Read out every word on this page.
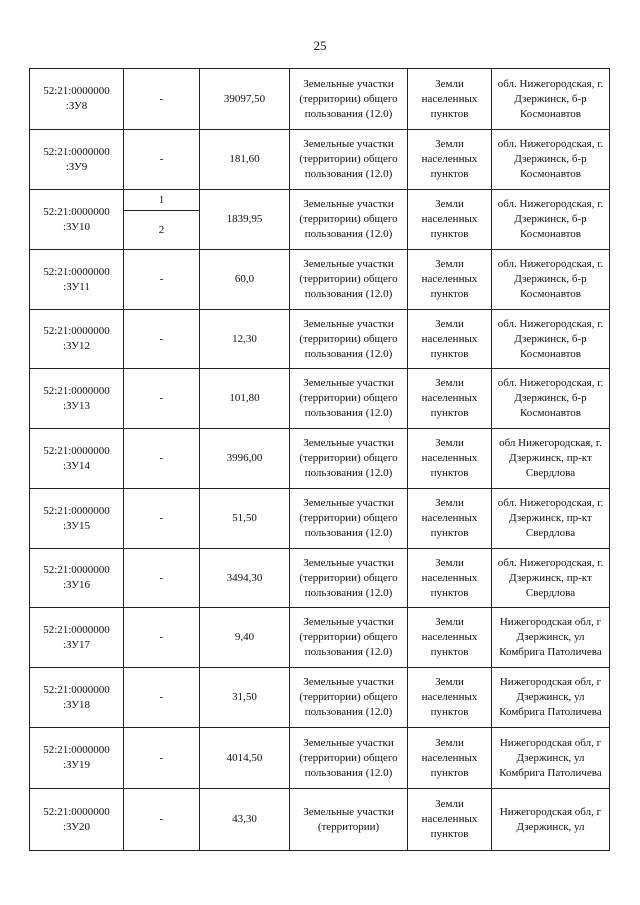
25
52:21:0000000
:ЗУ8	-	39097,50	Земельные участки (территории) общего пользования (12.0)	Земли населенных пунктов	обл. Нижегородская, г. Дзержинск, б-р Космонавтов
52:21:0000000
:ЗУ9	-	181,60	Земельные участки (территории) общего пользования (12.0)	Земли населенных пунктов	обл. Нижегородская, г. Дзержинск, б-р Космонавтов
52:21:0000000
:ЗУ10	1	1839,95	Земельные участки (территории) общего пользования (12.0)	Земли населенных пунктов	обл. Нижегородская, г. Дзержинск, б-р Космонавтов
	2				
52:21:0000000
:ЗУ11	-	60,0	Земельные участки (территории) общего пользования (12.0)	Земли населенных пунктов	обл. Нижегородская, г. Дзержинск, б-р Космонавтов
52:21:0000000
:ЗУ12	-	12,30	Земельные участки (территории) общего пользования (12.0)	Земли населенных пунктов	обл. Нижегородская, г. Дзержинск, б-р Космонавтов
52:21:0000000
:ЗУ13	-	101,80	Земельные участки (территории) общего пользования (12.0)	Земли населенных пунктов	обл. Нижегородская, г. Дзержинск, б-р Космонавтов
52:21:0000000
:ЗУ14	-	3996,00	Земельные участки (территории) общего пользования (12.0)	Земли населенных пунктов	обл Нижегородская, г. Дзержинск, пр-кт Свердлова
52:21:0000000
:ЗУ15	-	51,50	Земельные участки (территории) общего пользования (12.0)	Земли населенных пунктов	обл. Нижегородская, г. Дзержинск, пр-кт Свердлова
52:21:0000000
:ЗУ16	-	3494,30	Земельные участки (территории) общего пользования (12.0)	Земли населенных пунктов	обл. Нижегородская, г. Дзержинск, пр-кт Свердлова
52:21:0000000
:ЗУ17	-	9,40	Земельные участки (территории) общего пользования (12.0)	Земли населенных пунктов	Нижегородская обл, г Дзержинск, ул Комбрига Патоличева
52:21:0000000
:ЗУ18	-	31,50	Земельные участки (территории) общего пользования (12.0)	Земли населенных пунктов	Нижегородская обл, г Дзержинск, ул Комбрига Патоличева
52:21:0000000
:ЗУ19	-	4014,50	Земельные участки (территории) общего пользования (12.0)	Земли населенных пунктов	Нижегородская обл, г Дзержинск, ул Комбрига Патоличева
52:21:0000000
:ЗУ20	-	43,30	Земельные участки (территории)	Земли населенных пунктов	Нижегородская обл, г Дзержинск, ул
